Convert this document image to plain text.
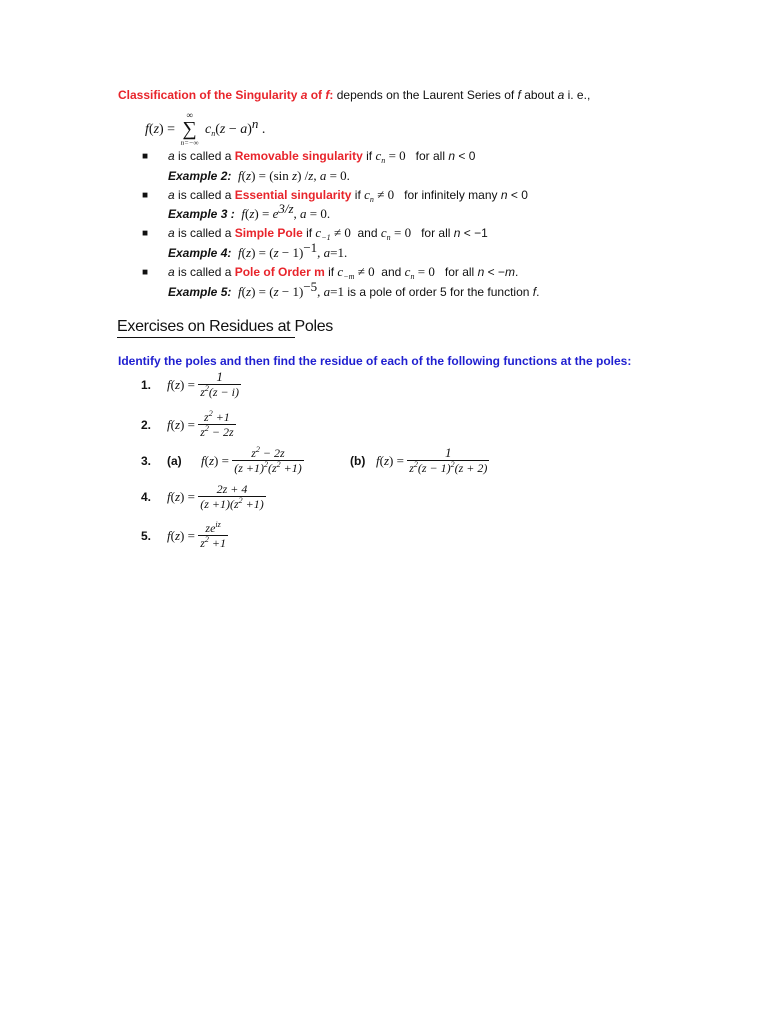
Classification of the Singularity a of f: depends on the Laurent Series of f about a i. e.,
f(z) =
∞
∑
n=−∞
$c_n(z - a)^n$ .
■ a is called a Removable singularity if $c_n = 0$   for all n < 0
Example 2: f(z) = (sin z) /z, a = 0.
■ a is called a Essential singularity if $c_n \ne 0$   for infinitely many n < 0
Example 3 : $f(z) = e^{3/z}$, a = 0.
■ a is called a Simple Pole if $c_{-1} \ne 0$  and $c_n = 0$   for all n < −1
Example 4: $f(z) = (z - 1)^{-1}$, a=1.
■ a is called a Pole of Order m if $c_{-m} \ne 0$  and $c_n = 0$   for all n < −m.
Example 5: $f(z) = (z - 1)^{-5}$, a=1 is a pole of order 5 for the function f.
Exercises on Residues at Poles
Identify the poles and then find the residue of each of the following functions at the poles:
1.	f ( z ) = $\frac{1}{z^2(z - i)}$
2.	f ( z ) = $\frac{z^2 +1}{z^2 - 2z}$
3.	(a)	f ( z ) = $\frac{z^2 - 2z}{(z +1)^2(z^2 +1)}$	(b) f ( z ) = $\frac{1}{z^2(z - 1)^2(z + 2)}$
4.	f ( z ) = $\frac{2z + 4}{(z +1)(z^2 +1)}$
5.	f ( z ) = $\frac{ze^{iz}}{z^2 +1}$
